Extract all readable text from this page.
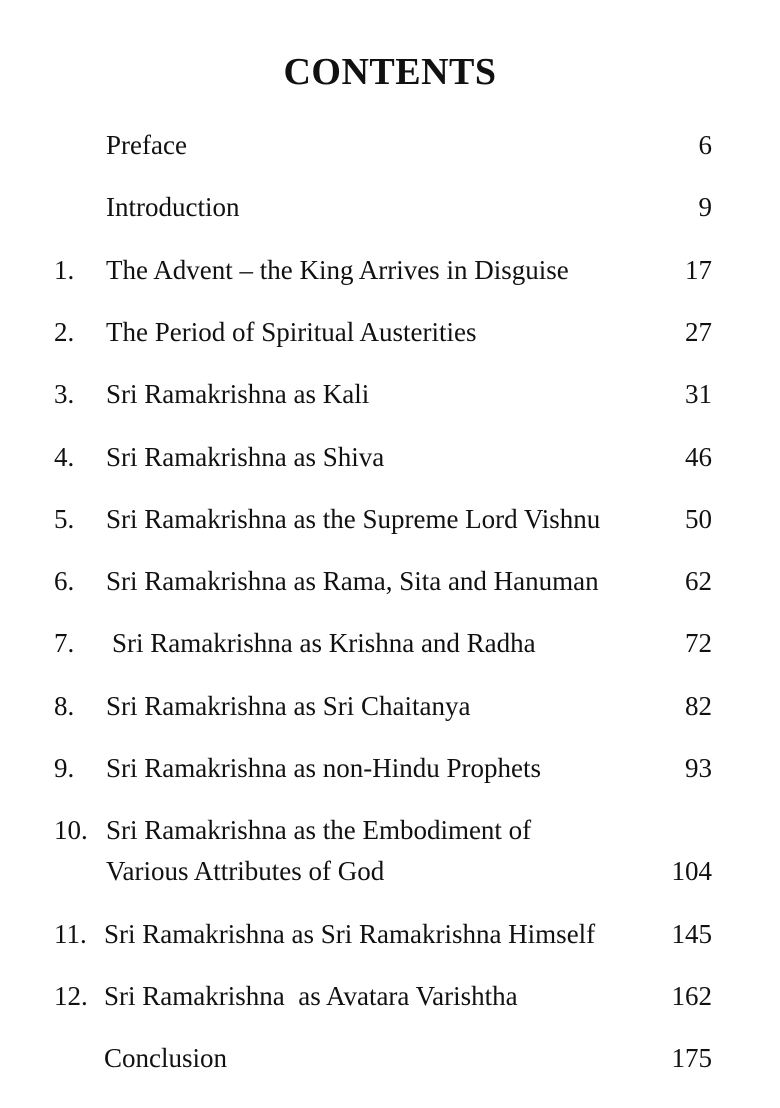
CONTENTS
Preface	6
Introduction	9
1. The Advent – the King Arrives in Disguise	17
2. The Period of Spiritual Austerities	27
3. Sri Ramakrishna as Kali	31
4. Sri Ramakrishna as Shiva	46
5. Sri Ramakrishna as the Supreme Lord Vishnu	50
6. Sri Ramakrishna as Rama, Sita and Hanuman	62
7. Sri Ramakrishna as Krishna and Radha	72
8. Sri Ramakrishna as Sri Chaitanya	82
9. Sri Ramakrishna as non-Hindu Prophets	93
10. Sri Ramakrishna as the Embodiment of
Various Attributes of God	104
11. Sri Ramakrishna as Sri Ramakrishna Himself	145
12. Sri Ramakrishna  as Avatara Varishtha	162
Conclusion	175
